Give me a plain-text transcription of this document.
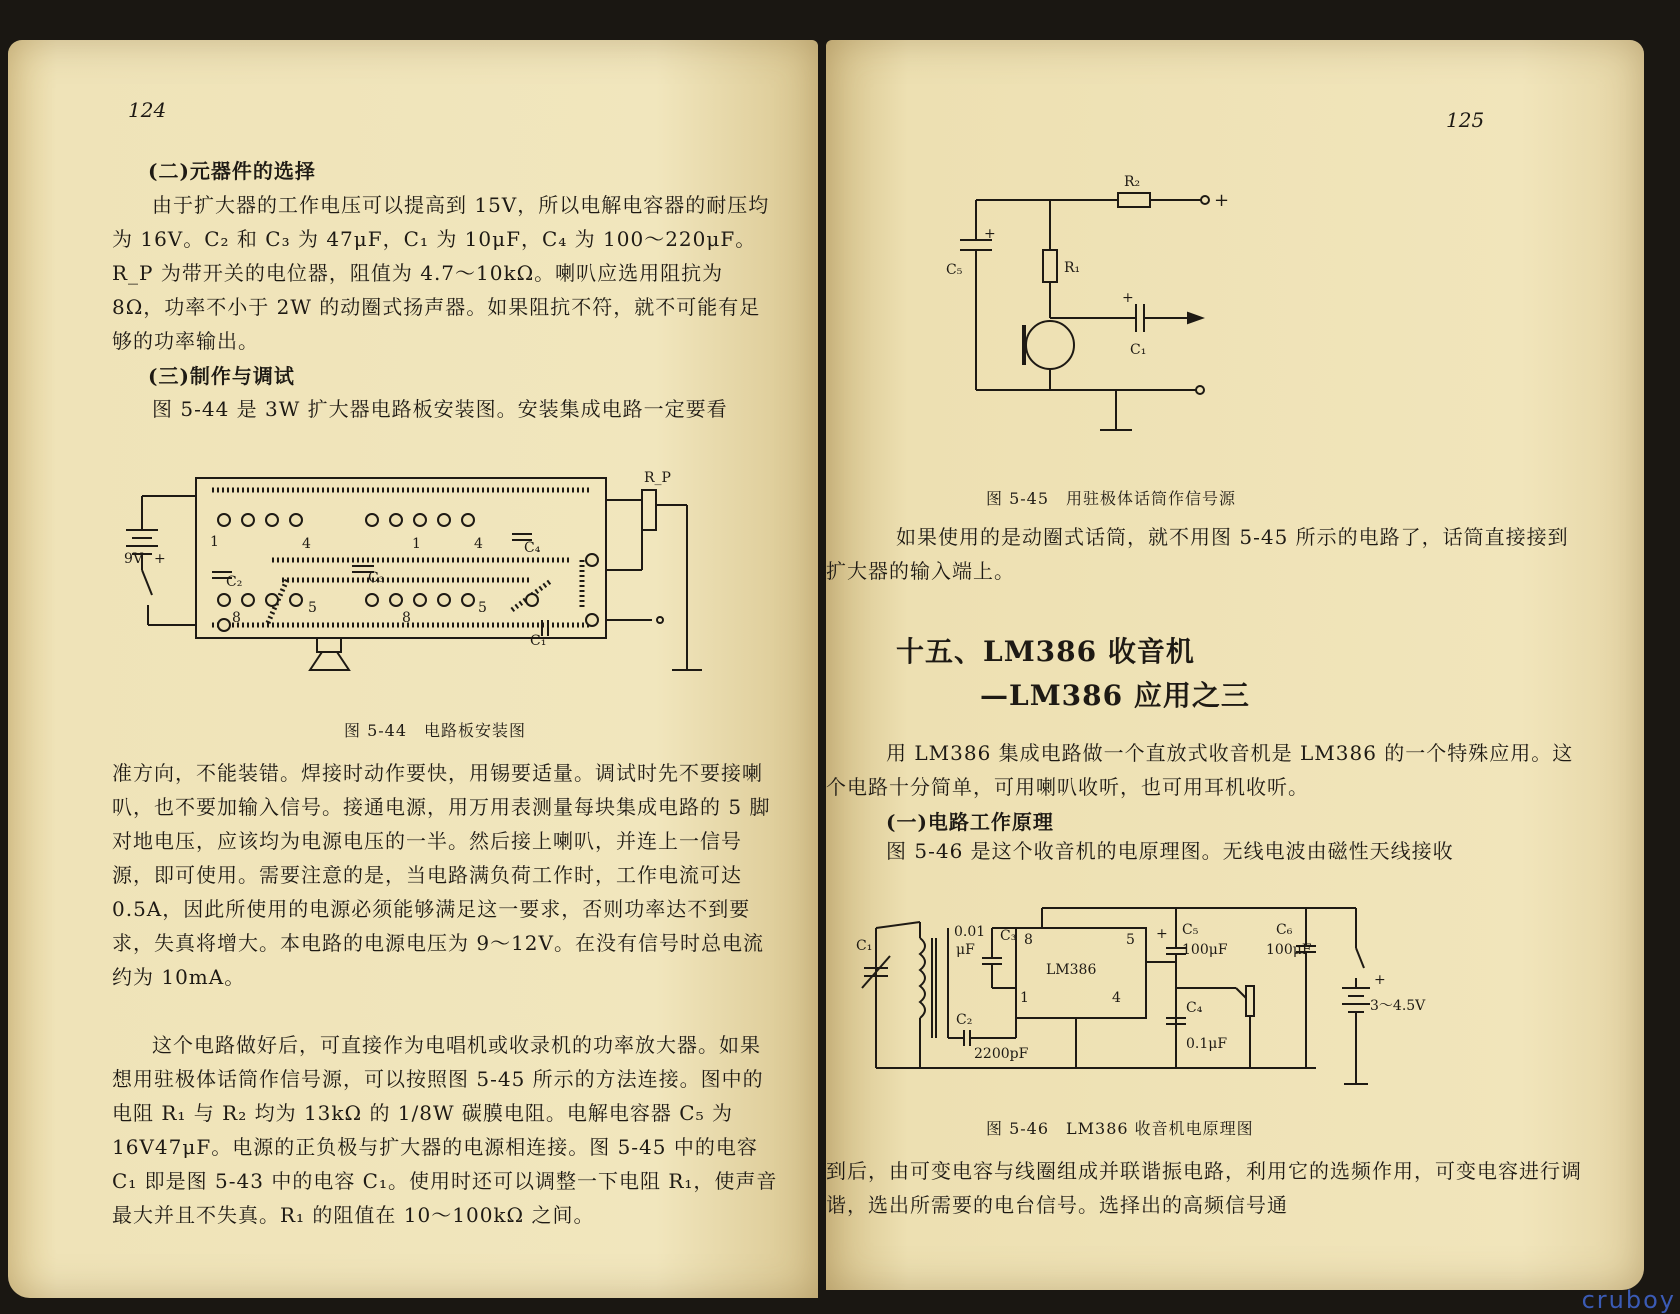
124
(二)元器件的选择
由于扩大器的工作电压可以提高到 15V，所以电解电容器的耐压均为 16V。C₂ 和 C₃ 为 47μF，C₁ 为 10μF，C₄ 为 100～220μF。R_P 为带开关的电位器，阻值为 4.7～10kΩ。喇叭应选用阻抗为 8Ω，功率不小于 2W 的动圈式扬声器。如果阻抗不符，就不可能有足够的功率输出。
(三)制作与调试
图 5-44 是 3W 扩大器电路板安装图。安装集成电路一定要看
9V +
R_P
1	4	1	4
C₂	C₃
C₄
C₁
8
5
8
5
图 5-44　电路板安装图
准方向，不能装错。焊接时动作要快，用锡要适量。调试时先不要接喇叭，也不要加输入信号。接通电源，用万用表测量每块集成电路的 5 脚对地电压，应该均为电源电压的一半。然后接上喇叭，并连上一信号源，即可使用。需要注意的是，当电路满负荷工作时，工作电流可达 0.5A，因此所使用的电源必须能够满足这一要求，否则功率达不到要求，失真将增大。本电路的电源电压为 9～12V。在没有信号时总电流约为 10mA。
这个电路做好后，可直接作为电唱机或收录机的功率放大器。如果想用驻极体话筒作信号源，可以按照图 5-45 所示的方法连接。图中的电阻 R₁ 与 R₂ 均为 13kΩ 的 1/8W 碳膜电阻。电解电容器 C₅ 为 16V47μF。电源的正负极与扩大器的电源相连接。图 5-45 中的电容 C₁ 即是图 5-43 中的电容 C₁。使用时还可以调整一下电阻 R₁，使声音最大并且不失真。R₁ 的阻值在 10～100kΩ 之间。
125
R₂
+
R₁
+
C₅
+
C₁
图 5-45　用驻极体话筒作信号源
如果使用的是动圈式话筒，就不用图 5-45 所示的电路了，话筒直接接到扩大器的输入端上。
十五、LM386 收音机
—LM386 应用之三
用 LM386 集成电路做一个直放式收音机是 LM386 的一个特殊应用。这个电路十分简单，可用喇叭收听，也可用耳机收听。
(一)电路工作原理
图 5-46 是这个收音机的电原理图。无线电波由磁性天线接收
C₁
0.01 C₃
μF
8	5
LM386
1	4
C₂
2200pF
+ C₅
100μF
C₆
100μF
C₄
0.1μF
+
3～4.5V
图 5-46　LM386 收音机电原理图
到后，由可变电容与线圈组成并联谐振电路，利用它的选频作用，可变电容进行调谐，选出所需要的电台信号。选择出的高频信号通
cruboy
